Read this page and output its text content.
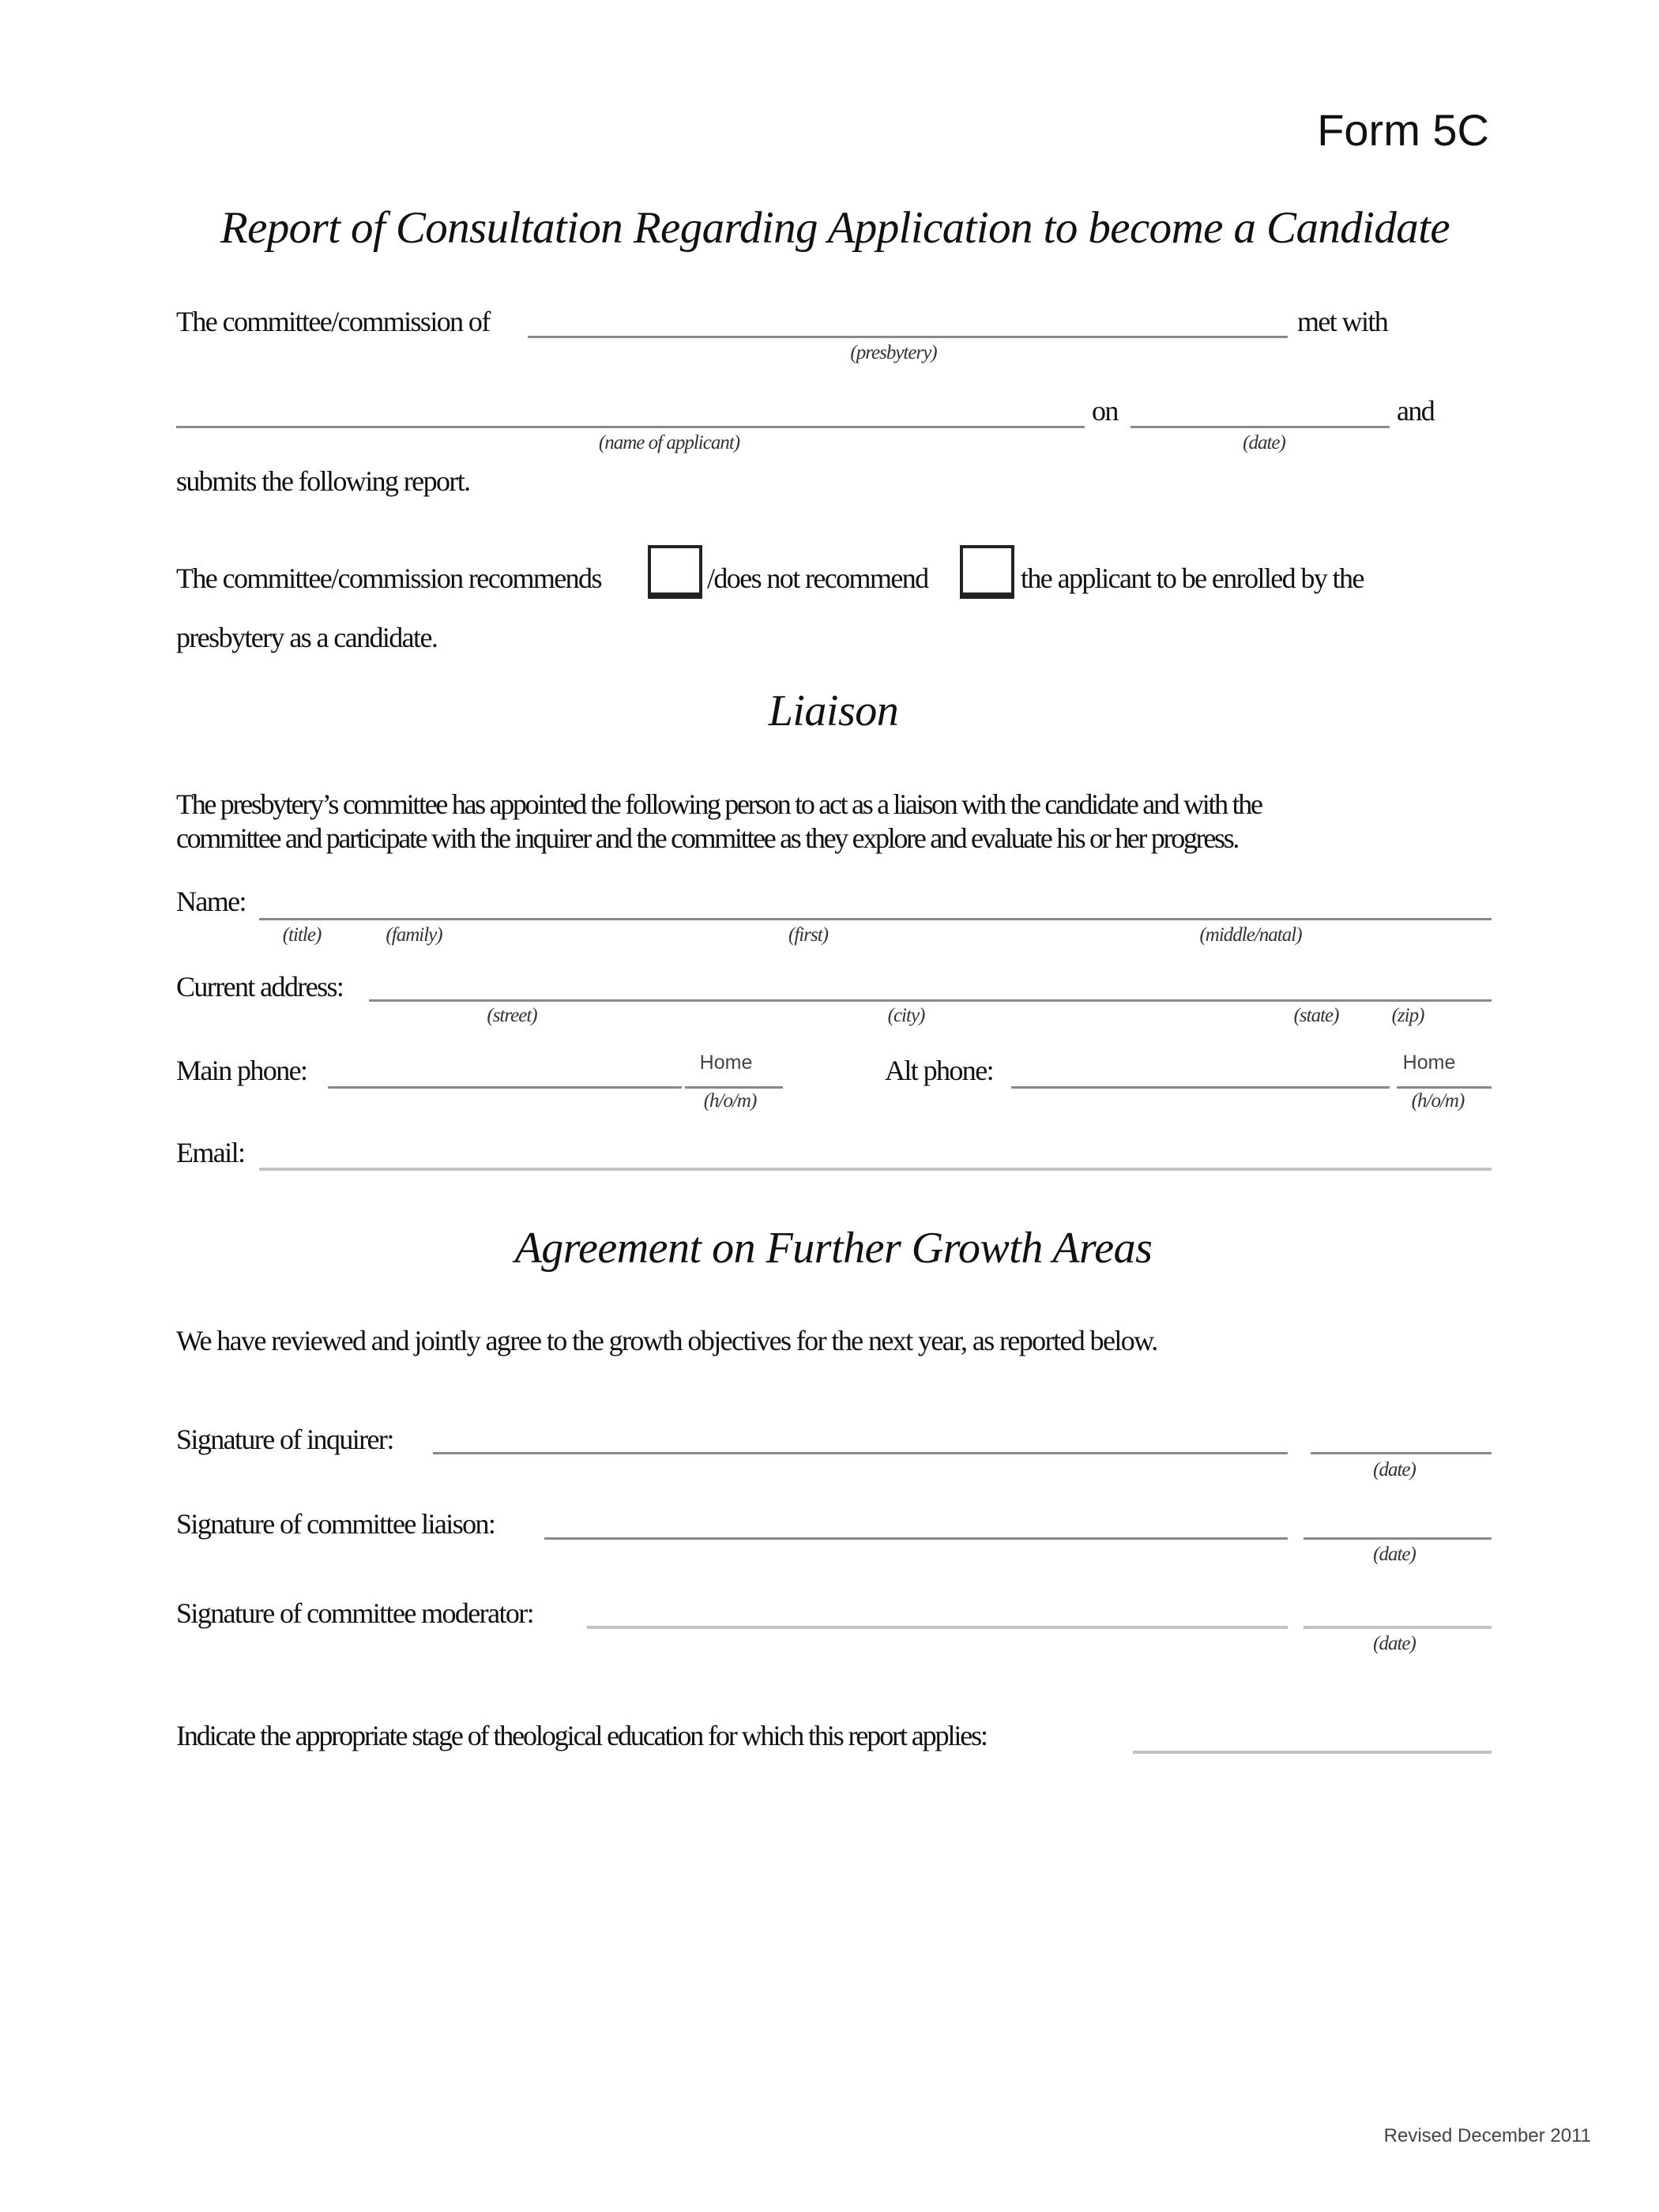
Form 5C
Report of Consultation Regarding Application to become a Candidate
The committee/commission of	met with
(presbytery)
on	and
(name of applicant)	(date)
submits the following report.
The committee/commission recommends	/does not recommend	the applicant to be enrolled by the
presbytery as a candidate.
Liaison
The presbytery’s committee has appointed the following person to act as a liaison with the candidate and with the
committee and participate with the inquirer and the committee as they explore and evaluate his or her progress.
Name:
(title)	(family)	(first)	(middle/natal)
Current address:
(street)	(city)	(state)	(zip)
Main phone:	Home
(h/o/m)
Alt phone:	Home
(h/o/m)
Email:
Agreement on Further Growth Areas
We have reviewed and jointly agree to the growth objectives for the next year, as reported below.
Signature of inquirer:
(date)
Signature of committee liaison:
(date)
Signature of committee moderator:
(date)
Indicate the appropriate stage of theological education for which this report applies:
Revised December 2011
